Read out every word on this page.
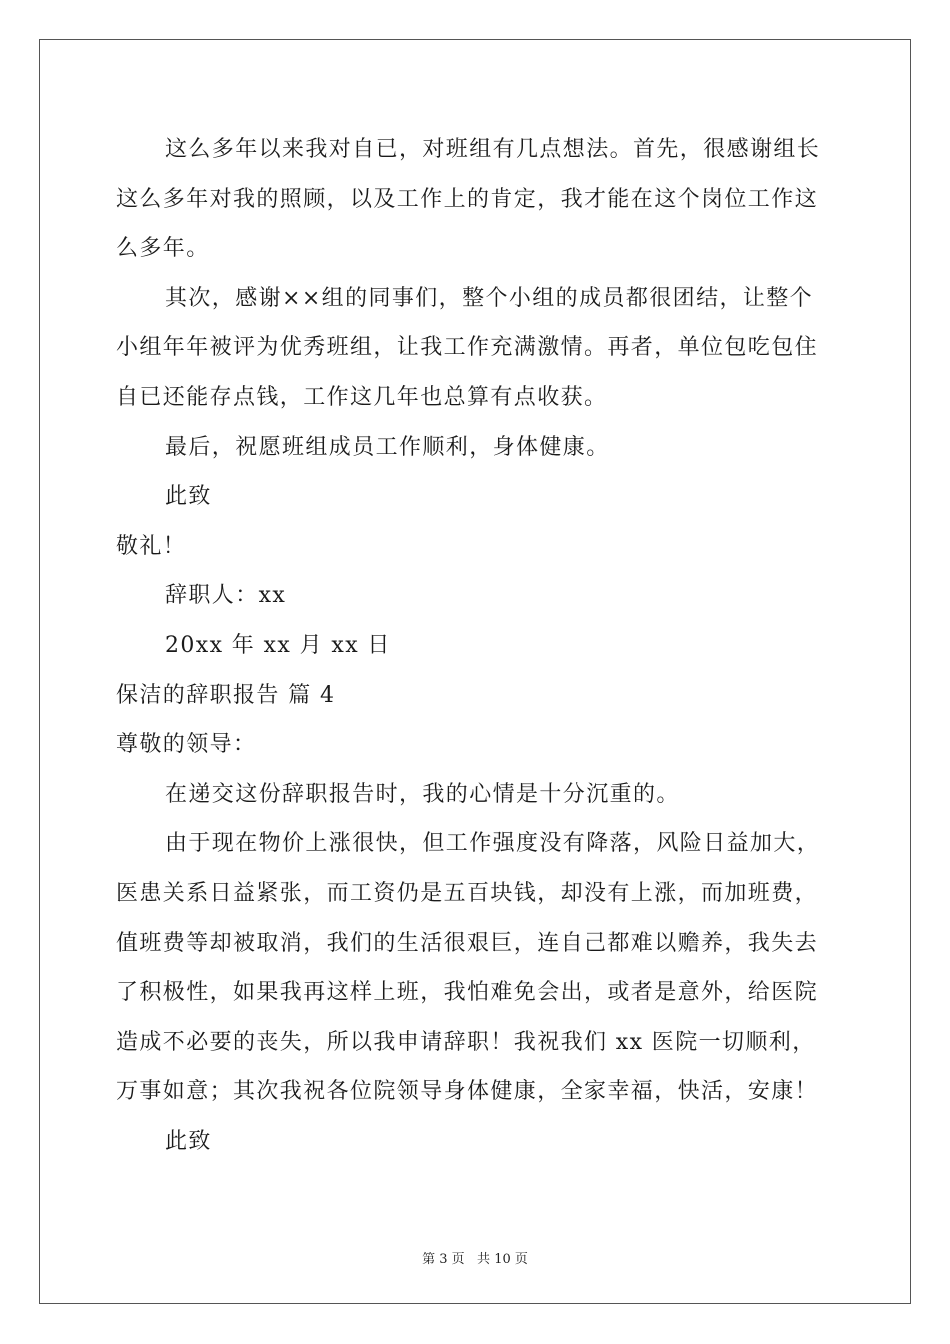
这么多年以来我对自已，对班组有几点想法。首先，很感谢组长
这么多年对我的照顾，以及工作上的肯定，我才能在这个岗位工作这
么多年。
其次，感谢××组的同事们，整个小组的成员都很团结，让整个
小组年年被评为优秀班组，让我工作充满激情。再者，单位包吃包住
自已还能存点钱，工作这几年也总算有点收获。
最后，祝愿班组成员工作顺利，身体健康。
此致
敬礼！
辞职人：xx
20xx 年 xx 月 xx 日
保洁的辞职报告 篇 4
尊敬的领导：
在递交这份辞职报告时，我的心情是十分沉重的。
由于现在物价上涨很快，但工作强度没有降落，风险日益加大，
医患关系日益紧张，而工资仍是五百块钱，却没有上涨，而加班费，
值班费等却被取消，我们的生活很艰巨，连自己都难以赡养，我失去
了积极性，如果我再这样上班，我怕难免会出，或者是意外，给医院
造成不必要的丧失，所以我申请辞职！我祝我们 xx 医院一切顺利，
万事如意；其次我祝各位院领导身体健康，全家幸福，快活，安康！
此致
第 3 页   共 10 页
